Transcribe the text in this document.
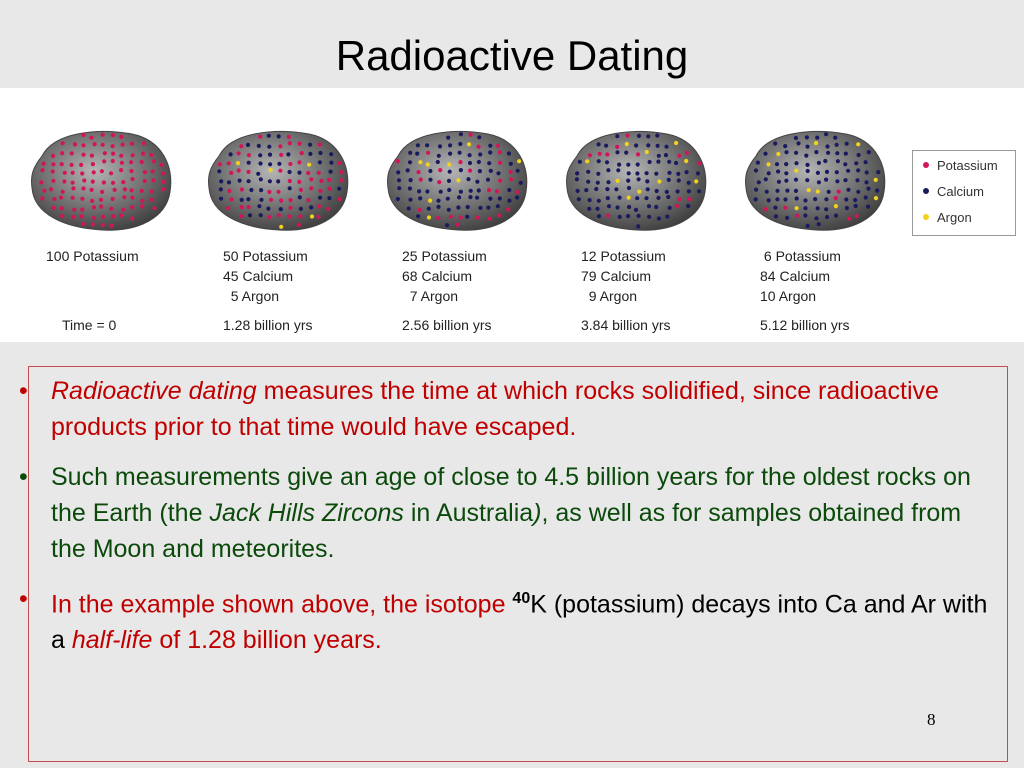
Radioactive Dating
100 Potassium
Time = 0
50 Potassium
45 Calcium
5 Argon
1.28 billion yrs
25 Potassium
68 Calcium
7 Argon
2.56 billion yrs
12 Potassium
79 Calcium
9 Argon
3.84 billion yrs
6 Potassium
84 Calcium
10 Argon
5.12 billion yrs
Potassium
Calcium
Argon
• Radioactive dating measures the time at which rocks solidified, since radioactive products prior to that time would have escaped.
• Such measurements give an age of close to 4.5 billion years for the oldest rocks on the Earth (the Jack Hills Zircons in Australia), as well as for samples obtained from the Moon and meteorites.
• In the example shown above, the isotope $^{40}$K (potassium) decays into Ca and Ar with a half-life of 1.28 billion years.
8
